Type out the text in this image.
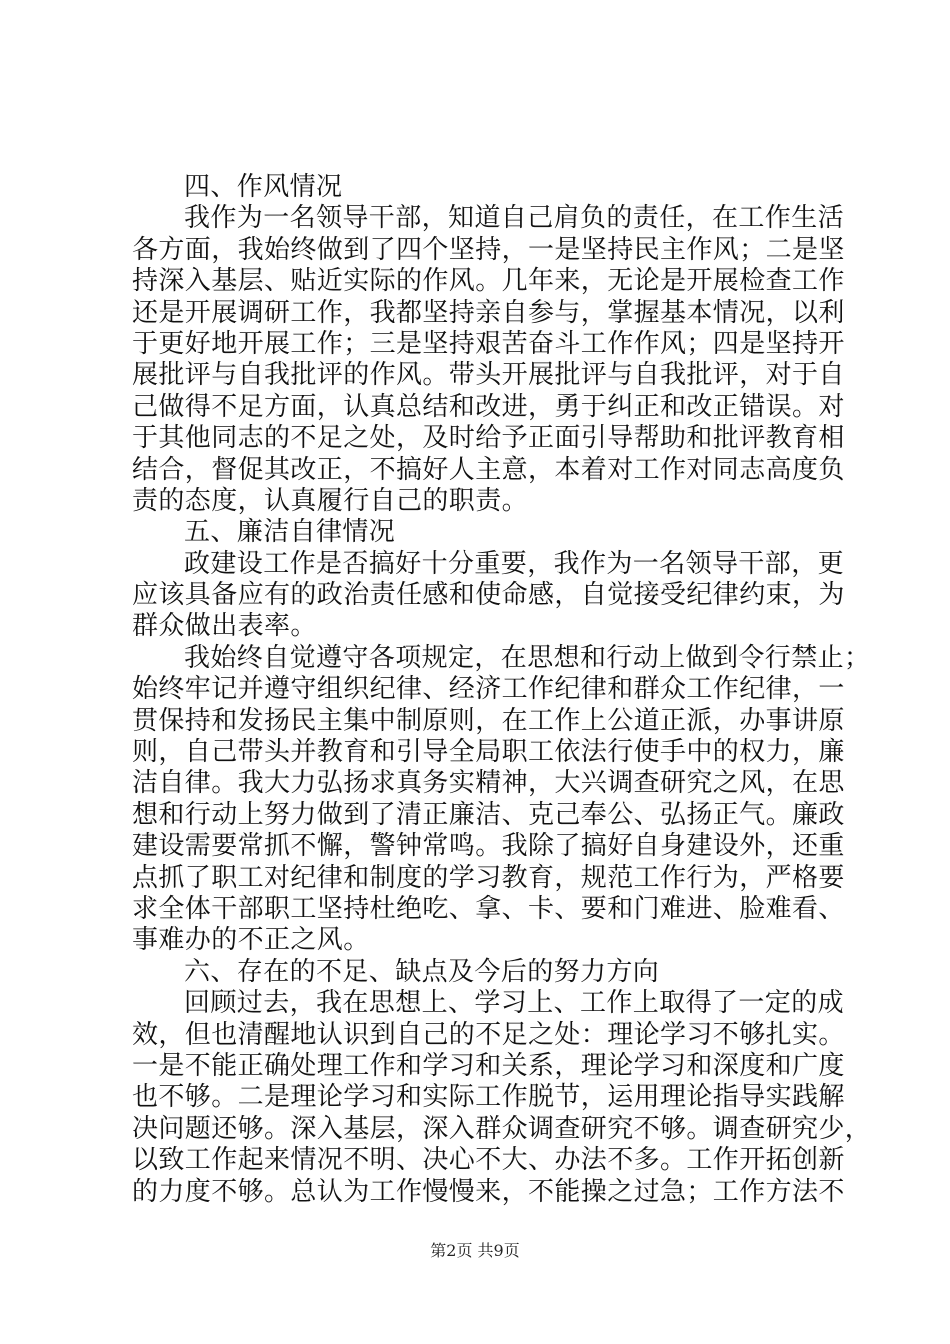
四、作风情况
我作为一名领导干部，知道自己肩负的责任，在工作生活
各方面，我始终做到了四个坚持，一是坚持民主作风；二是坚
持深入基层、贴近实际的作风。几年来，无论是开展检查工作
还是开展调研工作，我都坚持亲自参与，掌握基本情况，以利
于更好地开展工作；三是坚持艰苦奋斗工作作风；四是坚持开
展批评与自我批评的作风。带头开展批评与自我批评，对于自
己做得不足方面，认真总结和改进，勇于纠正和改正错误。对
于其他同志的不足之处，及时给予正面引导帮助和批评教育相
结合，督促其改正，不搞好人主意，本着对工作对同志高度负
责的态度，认真履行自己的职责。
五、廉洁自律情况
政建设工作是否搞好十分重要，我作为一名领导干部，更
应该具备应有的政治责任感和使命感，自觉接受纪律约束，为
群众做出表率。
我始终自觉遵守各项规定，在思想和行动上做到令行禁止；
始终牢记并遵守组织纪律、经济工作纪律和群众工作纪律，一
贯保持和发扬民主集中制原则，在工作上公道正派，办事讲原
则，自己带头并教育和引导全局职工依法行使手中的权力，廉
洁自律。我大力弘扬求真务实精神，大兴调查研究之风，在思
想和行动上努力做到了清正廉洁、克己奉公、弘扬正气。廉政
建设需要常抓不懈，警钟常鸣。我除了搞好自身建设外，还重
点抓了职工对纪律和制度的学习教育，规范工作行为，严格要
求全体干部职工坚持杜绝吃、拿、卡、要和门难进、脸难看、
事难办的不正之风。
六、存在的不足、缺点及今后的努力方向
回顾过去，我在思想上、学习上、工作上取得了一定的成
效，但也清醒地认识到自己的不足之处：理论学习不够扎实。
一是不能正确处理工作和学习和关系，理论学习和深度和广度
也不够。二是理论学习和实际工作脱节，运用理论指导实践解
决问题还够。深入基层，深入群众调查研究不够。调查研究少，
以致工作起来情况不明、决心不大、办法不多。工作开拓创新
的力度不够。总认为工作慢慢来，不能操之过急；工作方法不
第2页 共9页
